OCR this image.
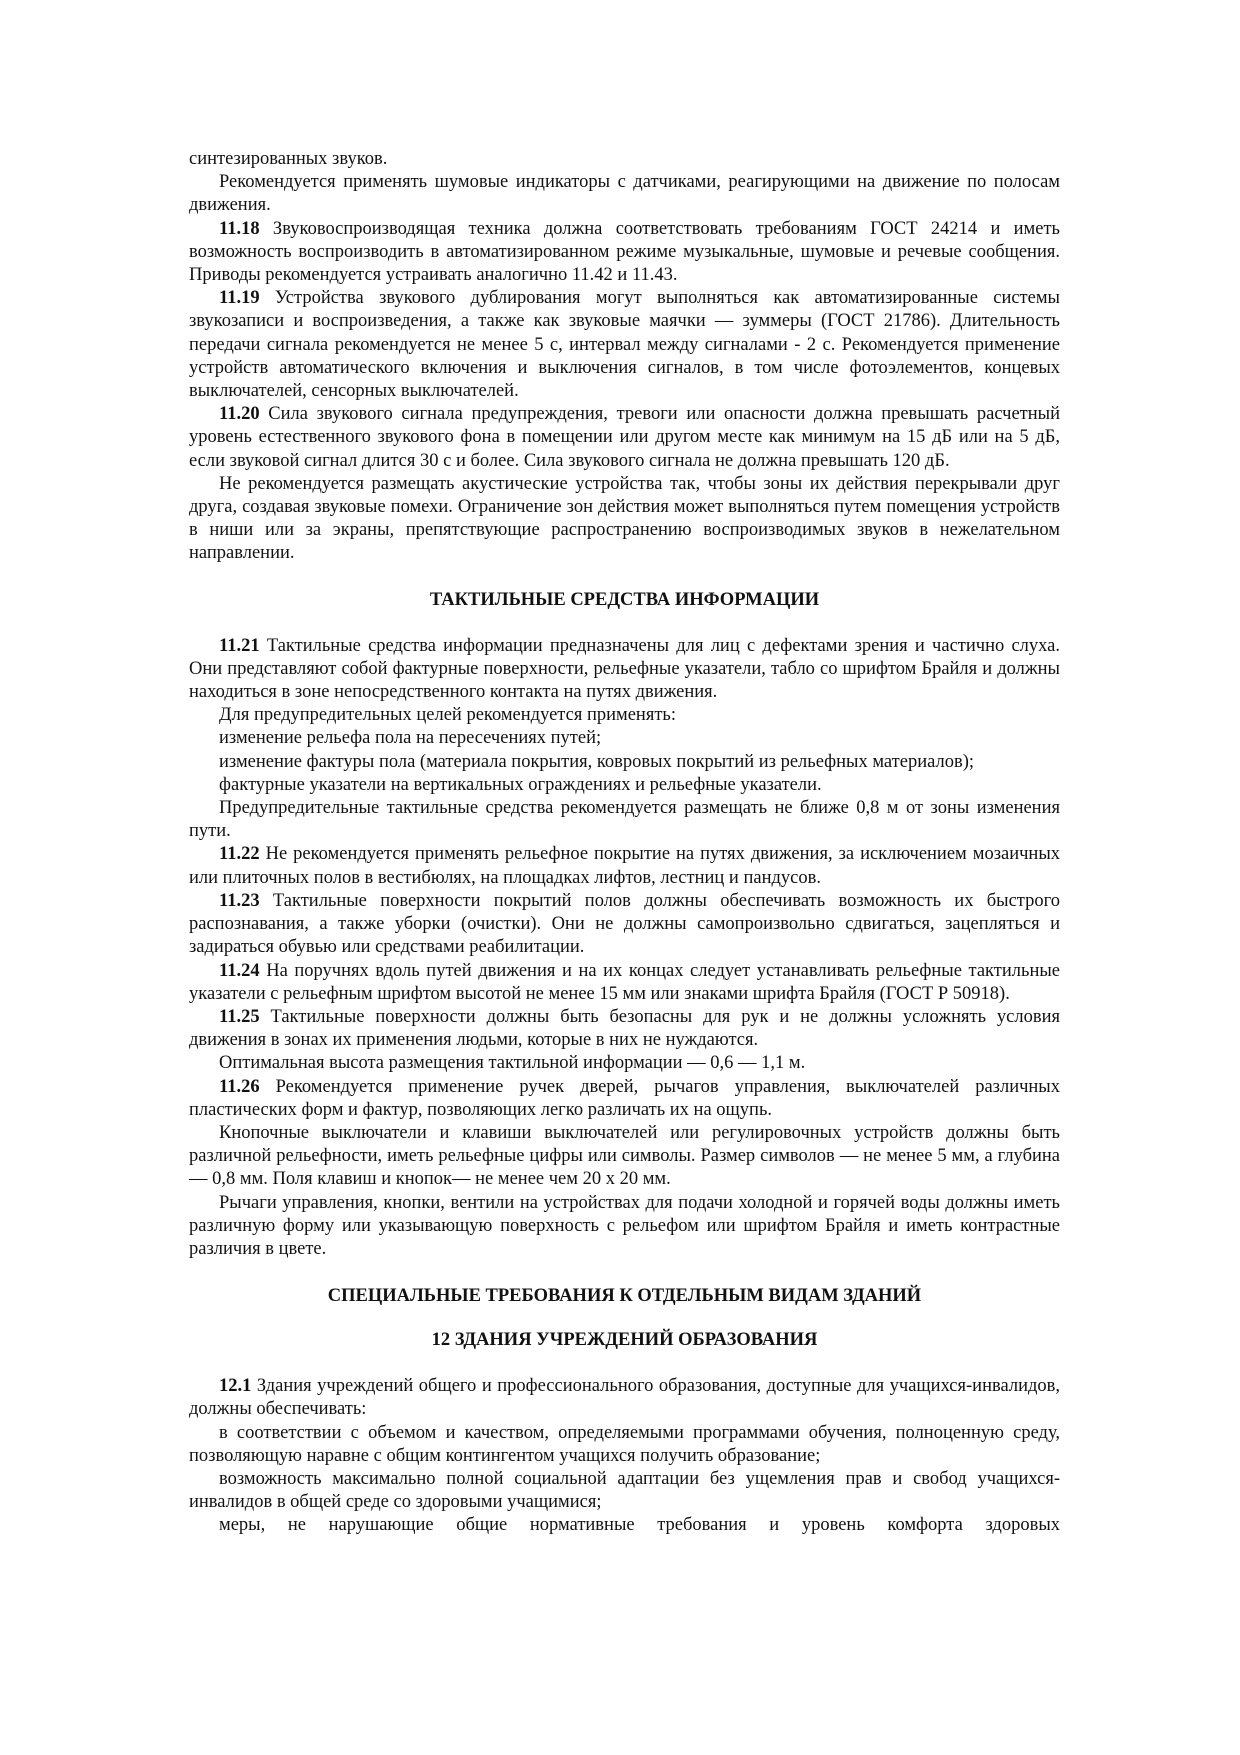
синтезированных звуков.

Рекомендуется применять шумовые индикаторы с датчиками, реагирующими на движение по полосам движения.

11.18 Звуковоспроизводящая техника должна соответствовать требованиям ГОСТ 24214 и иметь возможность воспроизводить в автоматизированном режиме музыкальные, шумовые и речевые сообщения. Приводы рекомендуется устраивать аналогично 11.42 и 11.43.

11.19 Устройства звукового дублирования могут выполняться как автоматизированные системы звукозаписи и воспроизведения, а также как звуковые маячки — зуммеры (ГОСТ 21786). Длительность передачи сигнала рекомендуется не менее 5 с, интервал между сигналами - 2 с. Рекомендуется применение устройств автоматического включения и выключения сигналов, в том числе фотоэлементов, концевых выключателей, сенсорных выключателей.

11.20 Сила звукового сигнала предупреждения, тревоги или опасности должна превышать расчетный уровень естественного звукового фона в помещении или другом месте как минимум на 15 дБ или на 5 дБ, если звуковой сигнал длится 30 с и более. Сила звукового сигнала не должна превышать 120 дБ.

Не рекомендуется размещать акустические устройства так, чтобы зоны их действия перекрывали друг друга, создавая звуковые помехи. Ограничение зон действия может выполняться путем помещения устройств в ниши или за экраны, препятствующие распространению воспроизводимых звуков в нежелательном направлении.

ТАКТИЛЬНЫЕ СРЕДСТВА ИНФОРМАЦИИ

11.21 Тактильные средства информации предназначены для лиц с дефектами зрения и частично слуха. Они представляют собой фактурные поверхности, рельефные указатели, табло со шрифтом Брайля и должны находиться в зоне непосредственного контакта на путях движения.

Для предупредительных целей рекомендуется применять:

изменение рельефа пола на пересечениях путей;

изменение фактуры пола (материала покрытия, ковровых покрытий из рельефных материалов);

фактурные указатели на вертикальных ограждениях и рельефные указатели.

Предупредительные тактильные средства рекомендуется размещать не ближе 0,8 м от зоны изменения пути.

11.22 Не рекомендуется применять рельефное покрытие на путях движения, за исключением мозаичных или плиточных полов в вестибюлях, на площадках лифтов, лестниц и пандусов.

11.23 Тактильные поверхности покрытий полов должны обеспечивать возможность их быстрого распознавания, а также уборки (очистки). Они не должны самопроизвольно сдвигаться, зацепляться и задираться обувью или средствами реабилитации.

11.24 На поручнях вдоль путей движения и на их концах следует устанавливать рельефные тактильные указатели с рельефным шрифтом высотой не менее 15 мм или знаками шрифта Брайля (ГОСТ Р 50918).

11.25 Тактильные поверхности должны быть безопасны для рук и не должны усложнять условия движения в зонах их применения людьми, которые в них не нуждаются.

Оптимальная высота размещения тактильной информации — 0,6 — 1,1 м.

11.26 Рекомендуется применение ручек дверей, рычагов управления, выключателей различных пластических форм и фактур, позволяющих легко различать их на ощупь.

Кнопочные выключатели и клавиши выключателей или регулировочных устройств должны быть различной рельефности, иметь рельефные цифры или символы. Размер символов — не менее 5 мм, а глубина — 0,8 мм. Поля клавиш и кнопок— не менее чем 20 х 20 мм.

Рычаги управления, кнопки, вентили на устройствах для подачи холодной и горячей воды должны иметь различную форму или указывающую поверхность с рельефом или шрифтом Брайля и иметь контрастные различия в цвете.

СПЕЦИАЛЬНЫЕ ТРЕБОВАНИЯ К ОТДЕЛЬНЫМ ВИДАМ ЗДАНИЙ
12 ЗДАНИЯ УЧРЕЖДЕНИЙ ОБРАЗОВАНИЯ

12.1 Здания учреждений общего и профессионального образования, доступные для учащихся-инвалидов, должны обеспечивать:

в соответствии с объемом и качеством, определяемыми программами обучения, полноценную среду, позволяющую наравне с общим контингентом учащихся получить образование;

возможность максимально полной социальной адаптации без ущемления прав и свобод учащихся-инвалидов в общей среде со здоровыми учащимися;

меры, не нарушающие общие нормативные требования и уровень комфорта здоровых
